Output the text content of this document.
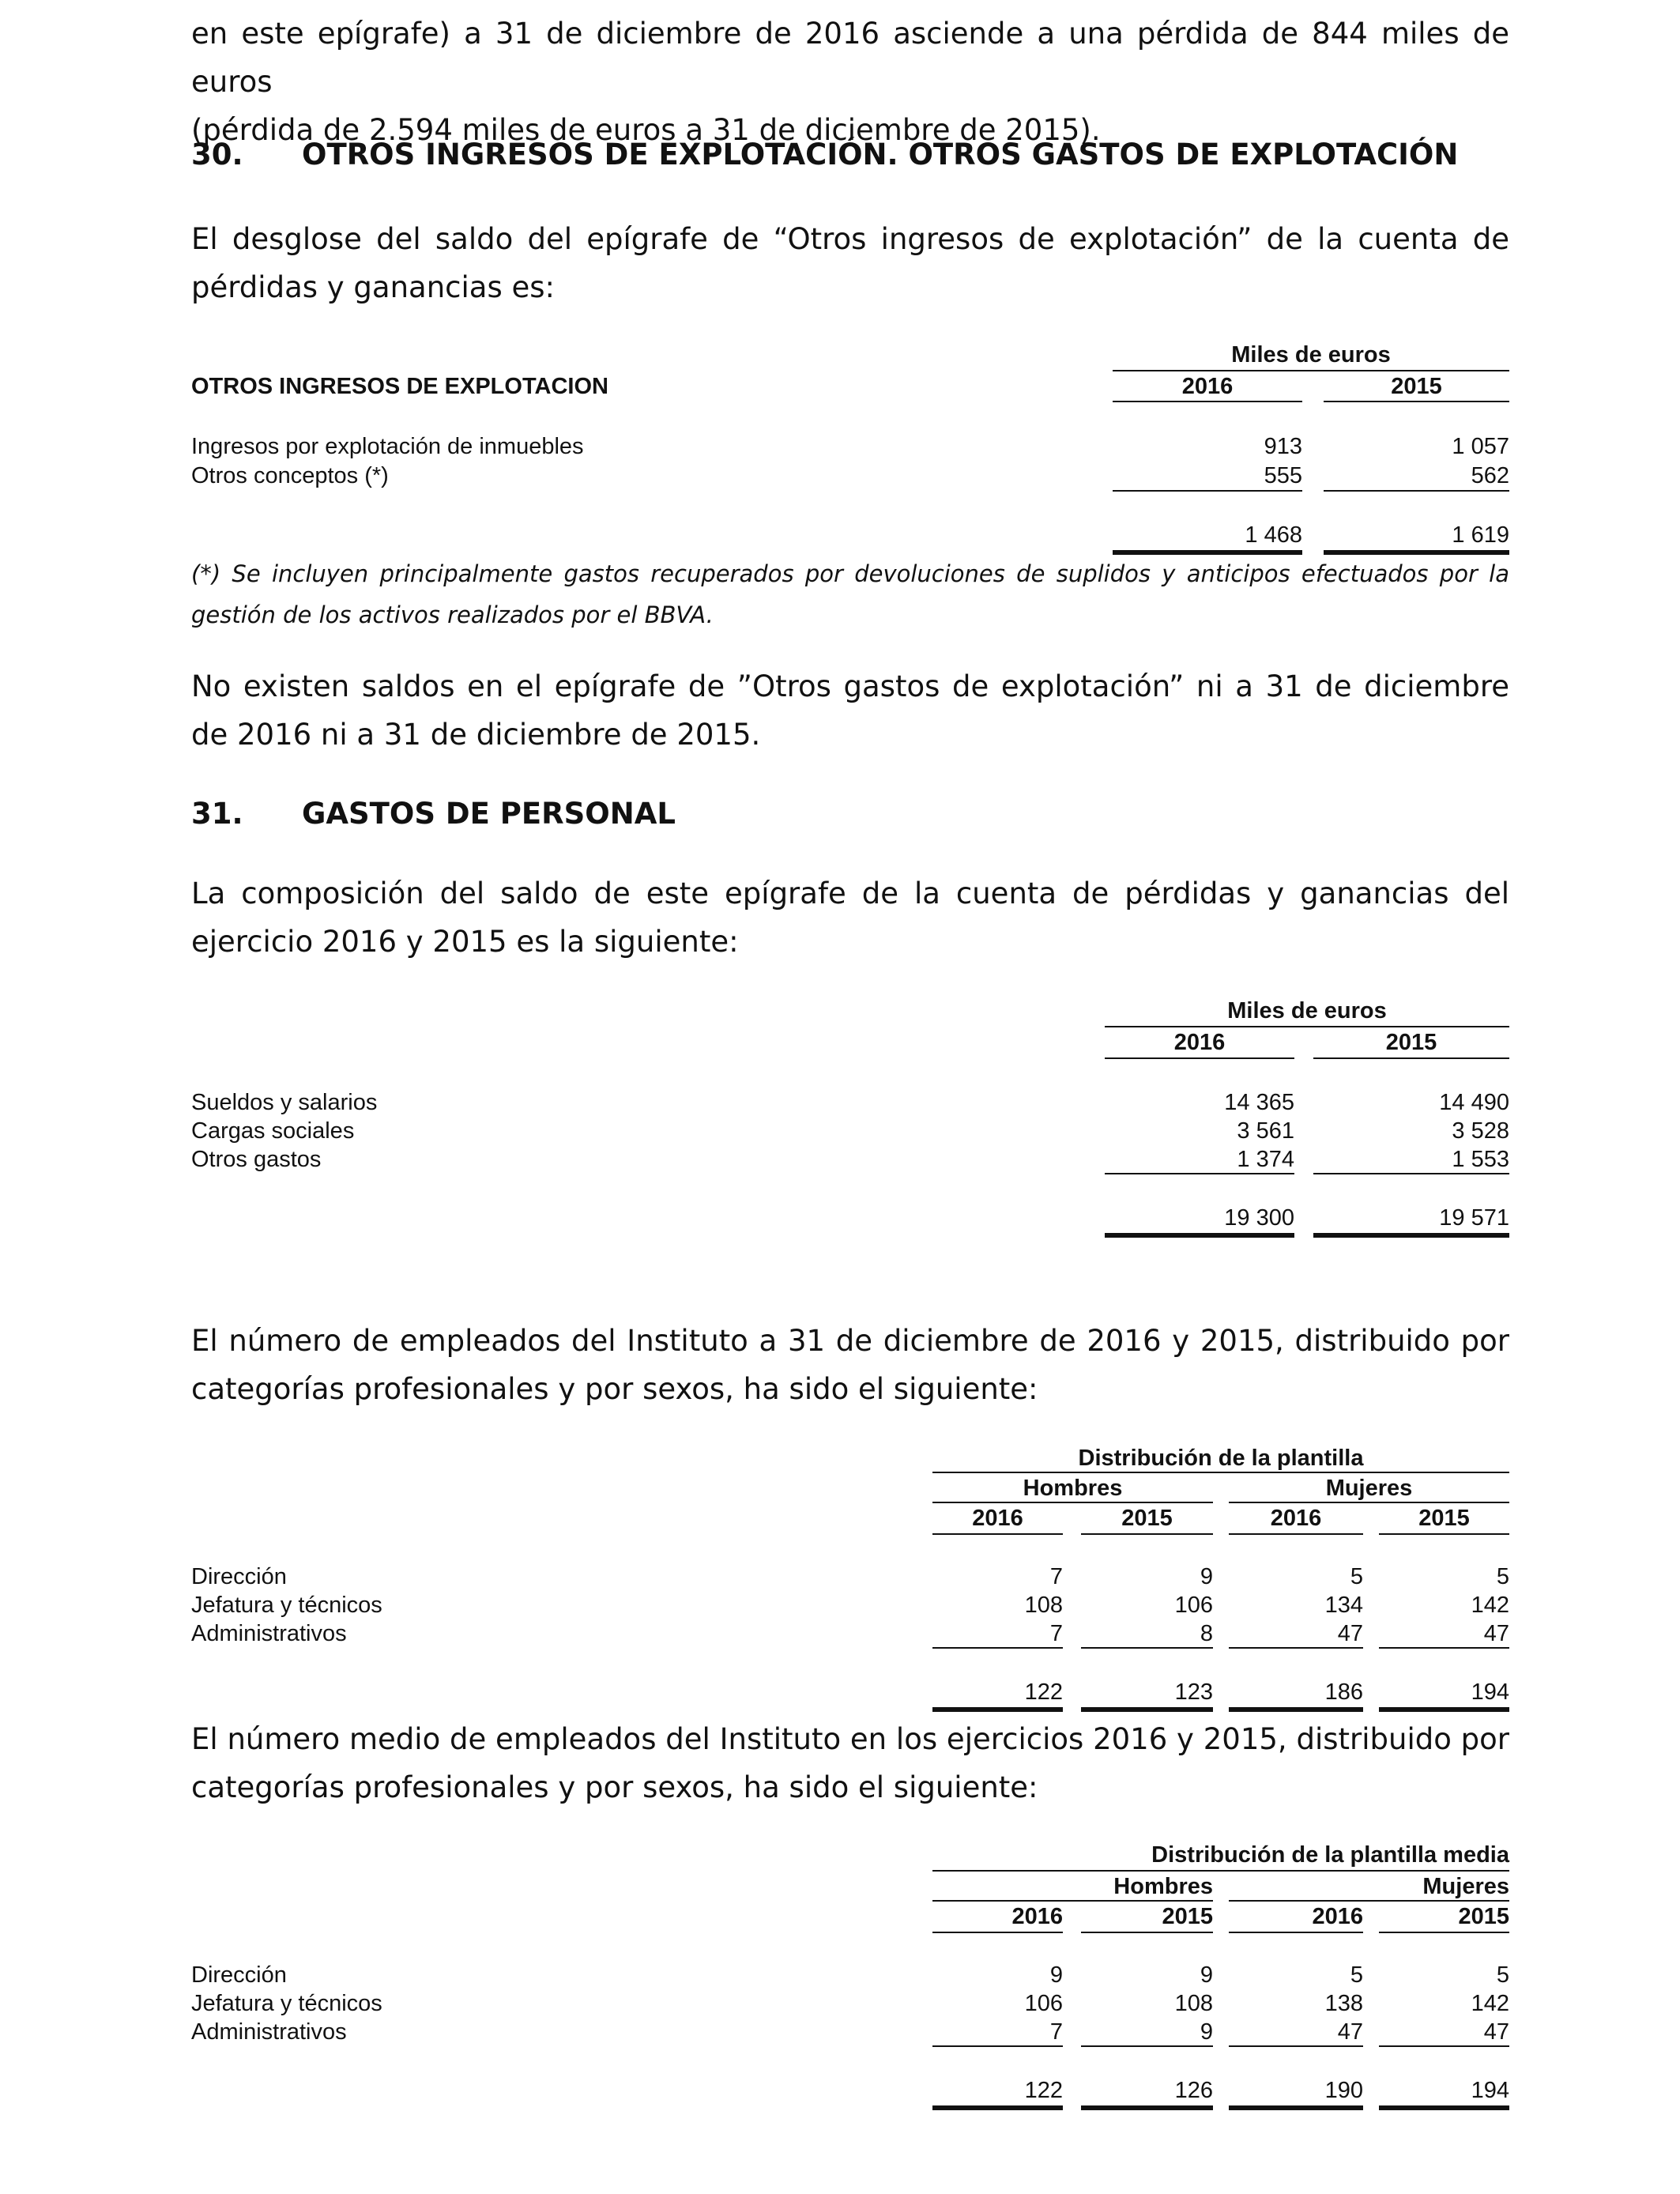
en este epígrafe) a 31 de diciembre de 2016 asciende a una pérdida de 844 miles de euros
(pérdida de 2.594 miles de euros a 31 de diciembre de 2015).

30. OTROS INGRESOS DE EXPLOTACIÓN. OTROS GASTOS DE EXPLOTACIÓN

El desglose del saldo del epígrafe de “Otros ingresos de explotación” de la cuenta de pérdidas y ganancias es:

Miles de euros
OTROS INGRESOS DE EXPLOTACION	2016	2015
Ingresos por explotación de inmuebles	913	1 057
Otros conceptos (*)	555	562
1 468	1 619

(*) Se incluyen principalmente gastos recuperados por devoluciones de suplidos y anticipos efectuados por la gestión de los activos realizados por el BBVA.

No existen saldos en el epígrafe de ”Otros gastos de explotación” ni a 31 de diciembre de 2016 ni a 31 de diciembre de 2015.

31. GASTOS DE PERSONAL

La composición del saldo de este epígrafe de la cuenta de pérdidas y ganancias del ejercicio 2016 y 2015 es la siguiente:

Miles de euros
2016	2015
Sueldos y salarios	14 365	14 490
Cargas sociales	3 561	3 528
Otros gastos	1 374	1 553
19 300	19 571

El número de empleados del Instituto a 31 de diciembre de 2016 y 2015, distribuido por categorías profesionales y por sexos, ha sido el siguiente:

Distribución de la plantilla
Hombres	Mujeres
2016	2015	2016	2015
Dirección	7	9	5	5
Jefatura y técnicos	108	106	134	142
Administrativos	7	8	47	47
122	123	186	194

El número medio de empleados del Instituto en los ejercicios 2016 y 2015, distribuido por categorías profesionales y por sexos, ha sido el siguiente:

Distribución de la plantilla media
Hombres	Mujeres
2016	2015	2016	2015
Dirección	9	9	5	5
Jefatura y técnicos	106	108	138	142
Administrativos	7	9	47	47
122	126	190	194
